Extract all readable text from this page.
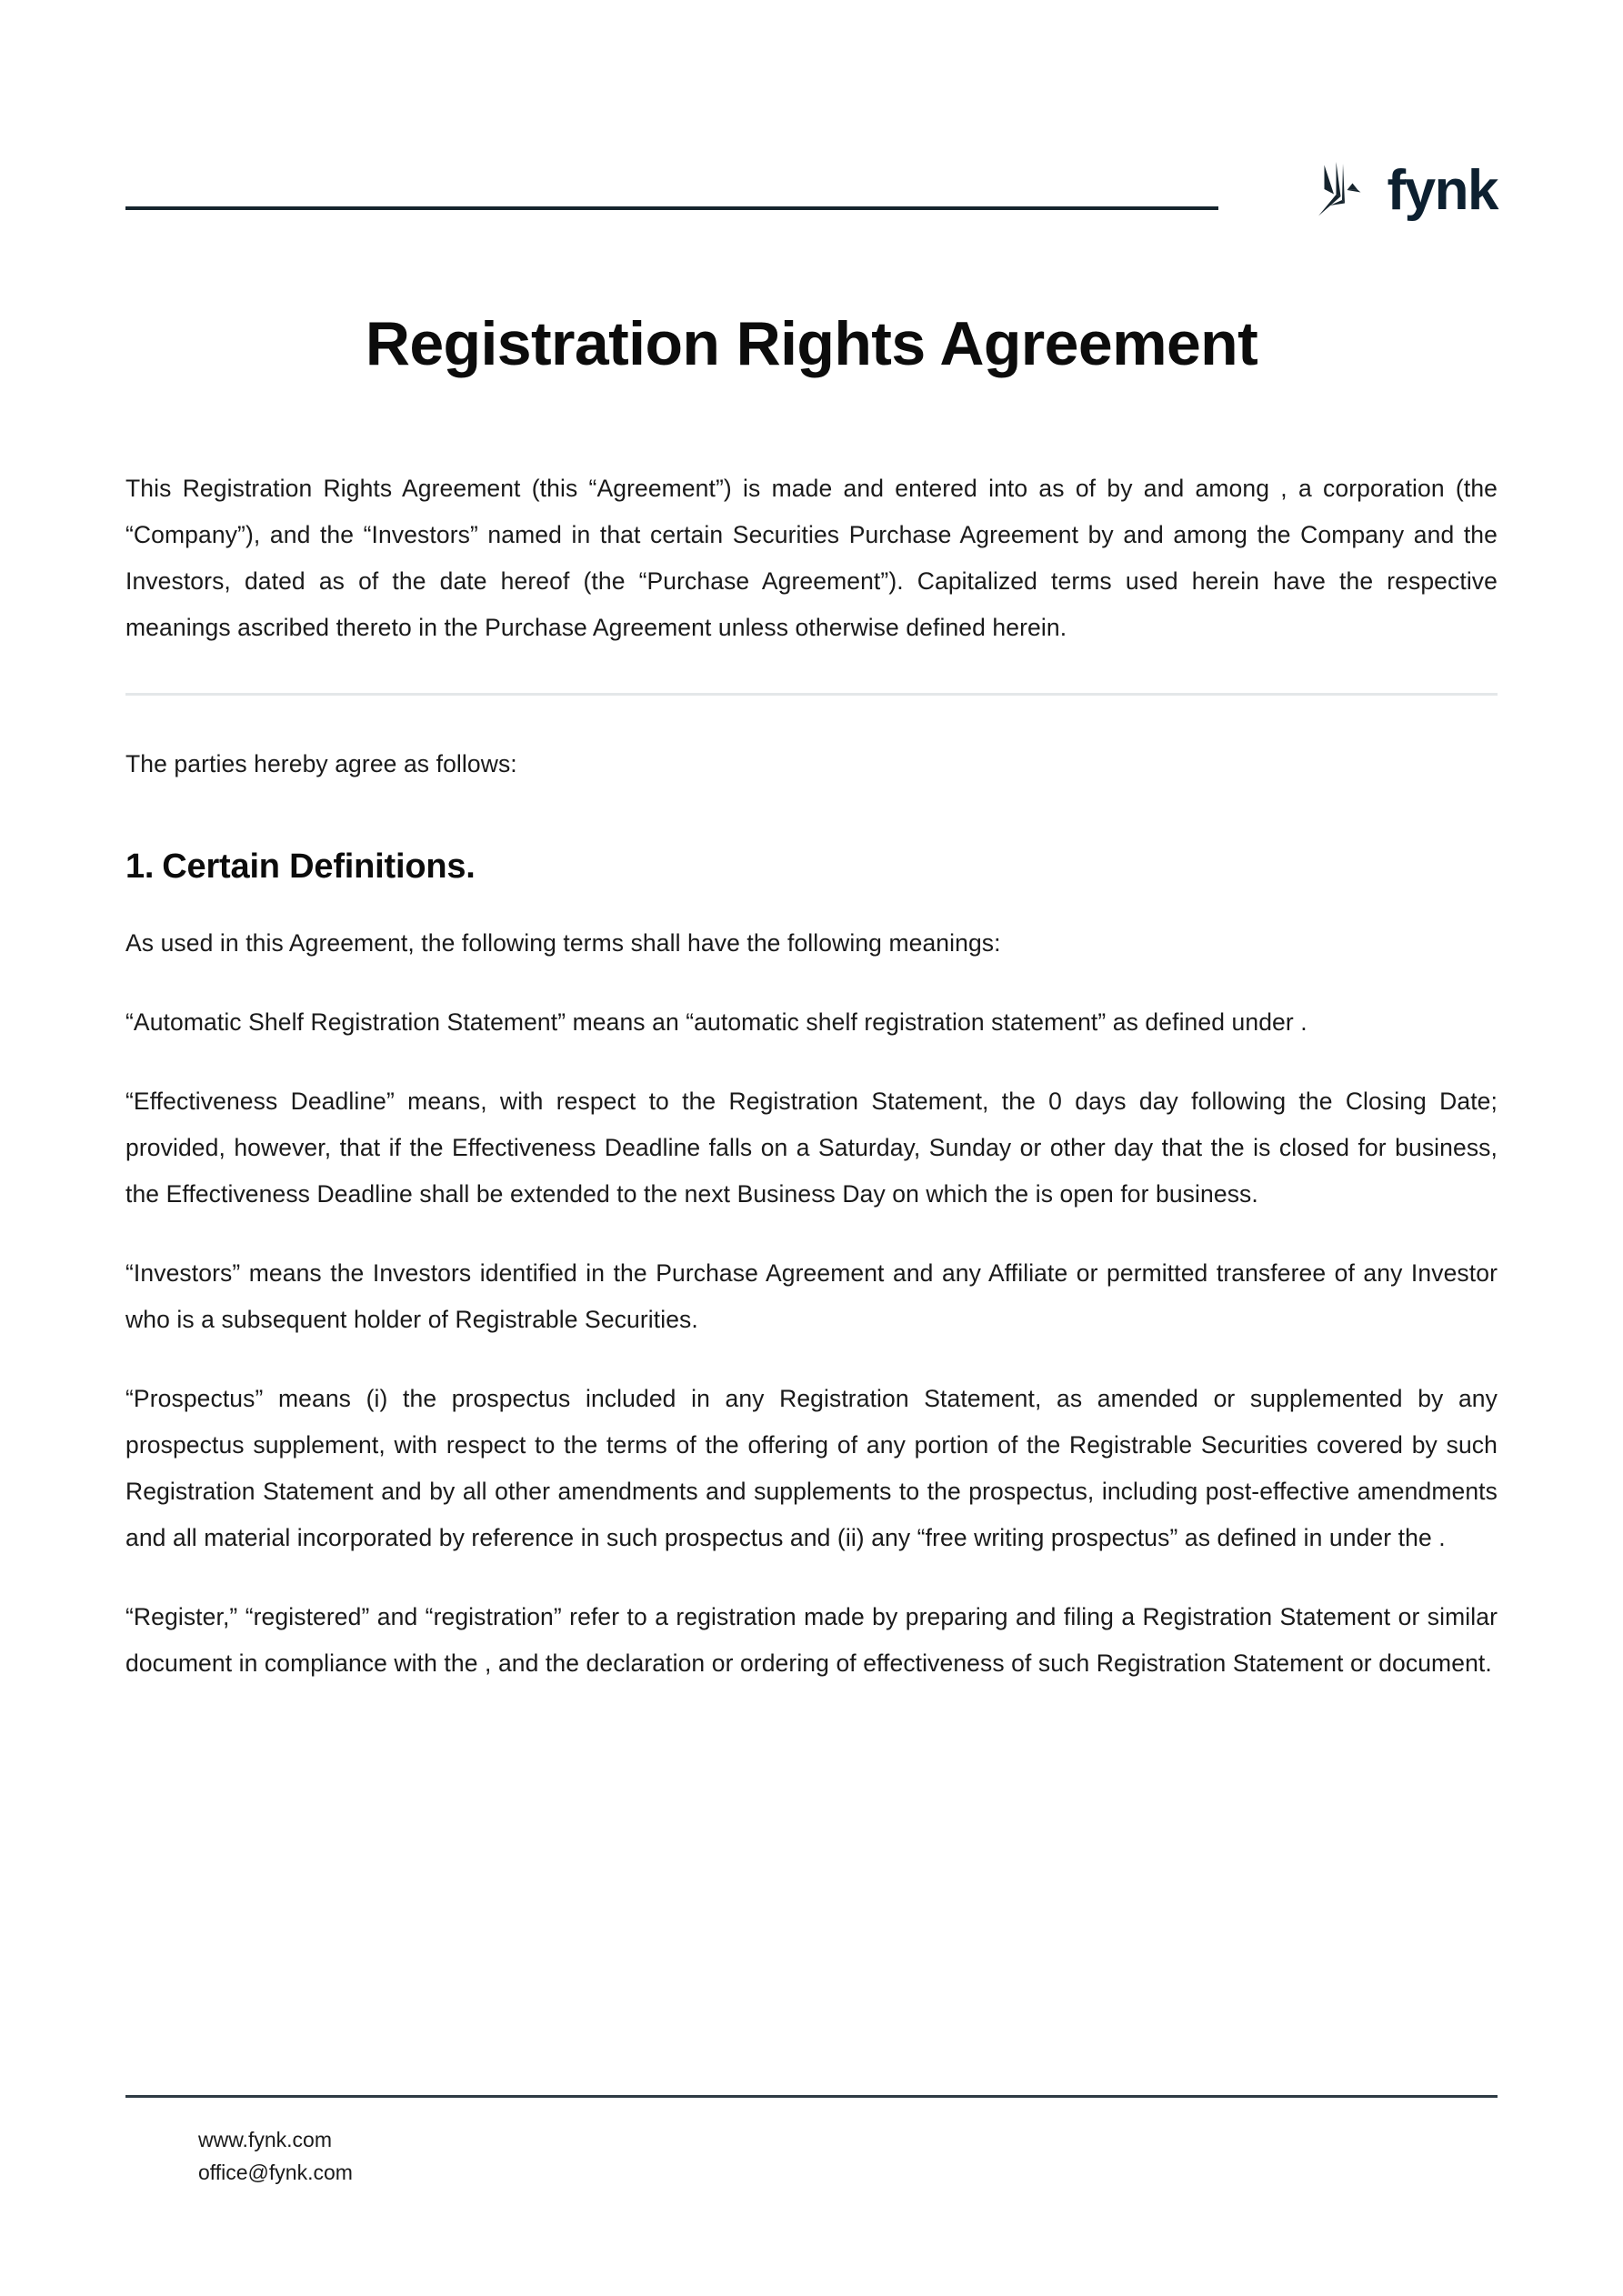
fynk
Registration Rights Agreement

This Registration Rights Agreement (this “Agreement”) is made and entered into as of by and among , a corporation (the “Company”), and the “Investors” named in that certain Securities Purchase Agreement by and among the Company and the Investors, dated as of the date hereof (the “Purchase Agreement”). Capitalized terms used herein have the respective meanings ascribed thereto in the Purchase Agreement unless otherwise defined herein.

The parties hereby agree as follows:

1. Certain Definitions.

As used in this Agreement, the following terms shall have the following meanings:

“Automatic Shelf Registration Statement” means an “automatic shelf registration statement” as defined under .

“Effectiveness Deadline” means, with respect to the Registration Statement, the 0 days day following the Closing Date; provided, however, that if the Effectiveness Deadline falls on a Saturday, Sunday or other day that the is closed for business, the Effectiveness Deadline shall be extended to the next Business Day on which the is open for business.

“Investors” means the Investors identified in the Purchase Agreement and any Affiliate or permitted transferee of any Investor who is a subsequent holder of Registrable Securities.

“Prospectus” means (i) the prospectus included in any Registration Statement, as amended or supplemented by any prospectus supplement, with respect to the terms of the offering of any portion of the Registrable Securities covered by such Registration Statement and by all other amendments and supplements to the prospectus, including post-effective amendments and all material incorporated by reference in such prospectus and (ii) any “free writing prospectus” as defined in under the .

“Register,” “registered” and “registration” refer to a registration made by preparing and filing a Registration Statement or similar document in compliance with the , and the declaration or ordering of effectiveness of such Registration Statement or document.

www.fynk.com
office@fynk.com
